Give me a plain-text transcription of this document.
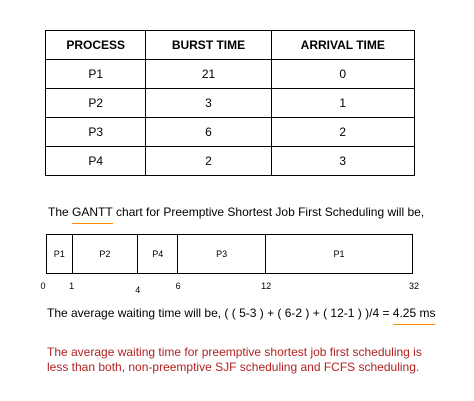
PROCESS	BURST TIME	ARRIVAL TIME
P1	21	0
P2	3	1
P3	6	2
P4	2	3
The GANTT chart for Preemptive Shortest Job First Scheduling will be,
P1	P2	P4	P3	P1
0	1	4	6	12	32
The average waiting time will be, ( ( 5-3 ) + ( 6-2 ) + ( 12-1 ) )/4 = 4.25 ms
The average waiting time for preemptive shortest job first scheduling is less than both, non-preemptive SJF scheduling and FCFS scheduling.
